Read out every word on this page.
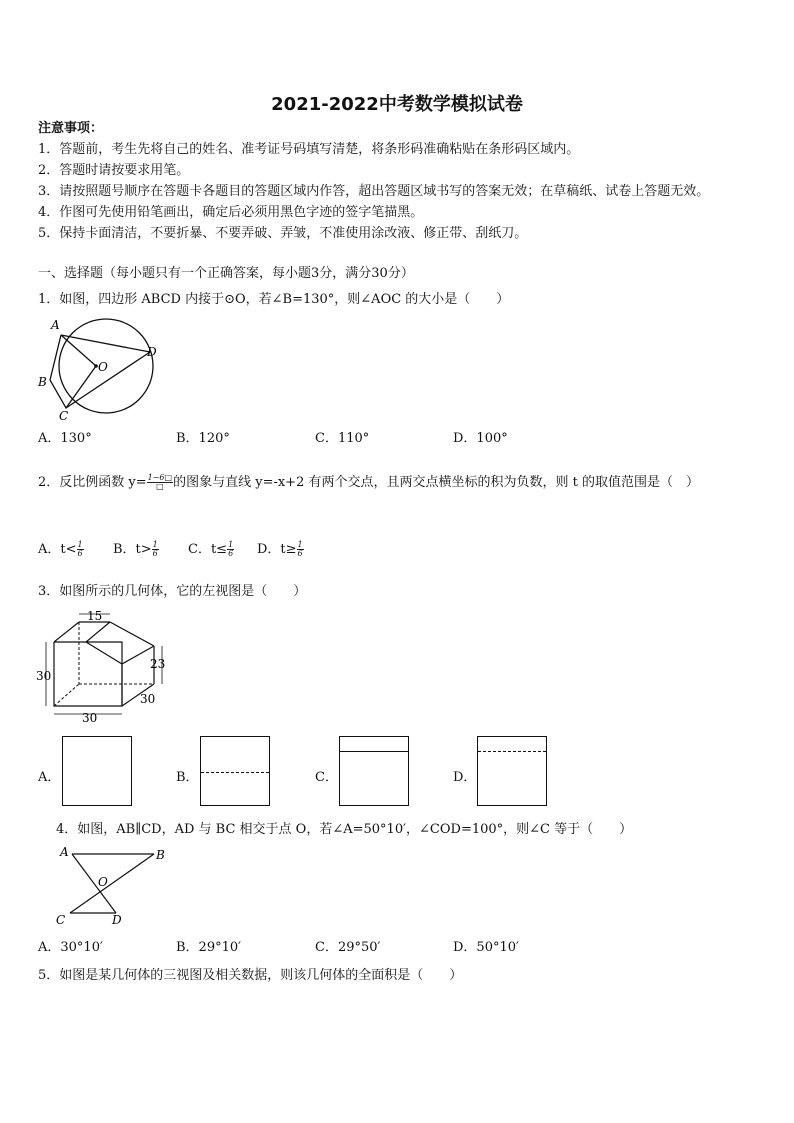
2021-2022中考数学模拟试卷
注意事项：
1．答题前，考生先将自己的姓名、准考证号码填写清楚，将条形码准确粘贴在条形码区域内。
2．答题时请按要求用笔。
3．请按照题号顺序在答题卡各题目的答题区域内作答，超出答题区域书写的答案无效；在草稿纸、试卷上答题无效。
4．作图可先使用铅笔画出，确定后必须用黑色字迹的签字笔描黑。
5．保持卡面清洁，不要折暴、不要弄破、弄皱，不准使用涂改液、修正带、刮纸刀。
一、选择题（每小题只有一个正确答案，每小题3分，满分30分）
1．如图，四边形 ABCD 内接于⊙O，若∠B=130°，则∠AOC 的大小是（　　）
A
B
C
D
O
A．130°	B．120°	C．110°	D．100°
2．反比例函数 $y= \frac{1-6□}{□}$ 的图象与直线 y=-x+2 有两个交点，且两交点横坐标的积为负数，则 t 的取值范围是（　）
A．$t< \frac{1}{6}$ B．$t> \frac{1}{6}$ C．$t\le \frac{1}{6}$ D．$t\ge \frac{1}{6}$
3．如图所示的几何体，它的左视图是（　　）
15
30
23
30
30
A．	B．	C．	D．
4．如图，AB∥CD，AD 与 BC 相交于点 O，若∠A=50°10′，∠COD=100°，则∠C 等于（　　）
A	B
C	D
O
A．30°10′	B．29°10′	C．29°50′	D．50°10′
5．如图是某几何体的三视图及相关数据，则该几何体的全面积是（　　）
